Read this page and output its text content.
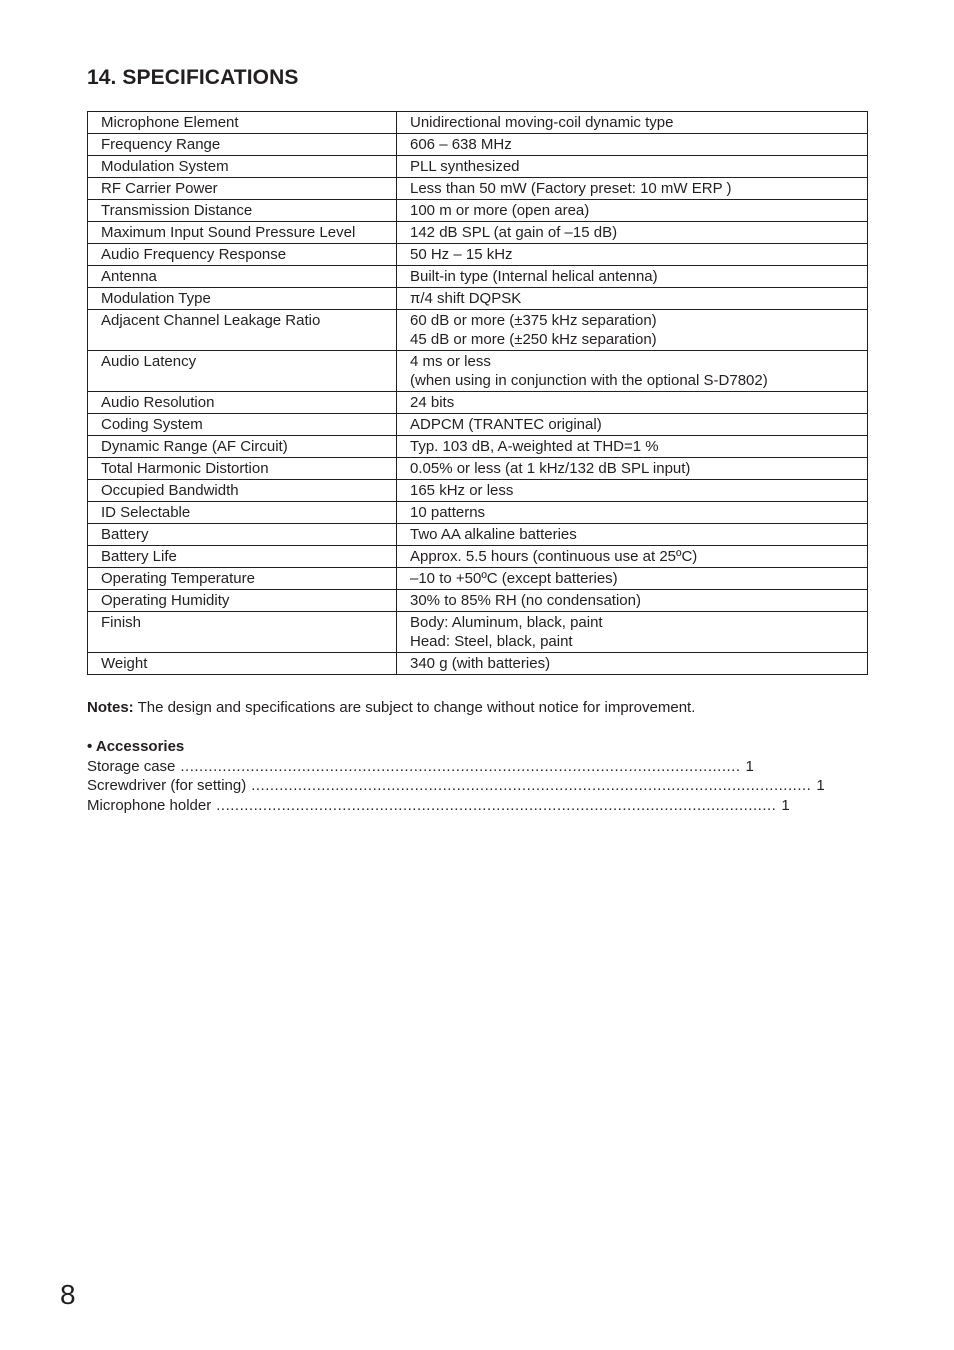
14. SPECIFICATIONS
Microphone Element	Unidirectional moving-coil dynamic type

Frequency Range	606 – 638 MHz

Modulation System	PLL synthesized

RF Carrier Power	Less than 50 mW (Factory preset: 10 mW ERP )

Transmission Distance	100 m or more (open area)

Maximum Input Sound Pressure Level	142 dB SPL (at gain of –15 dB)

Audio Frequency Response	50 Hz – 15 kHz

Antenna	Built-in type (Internal helical antenna)

Modulation Type	π/4 shift DQPSK

Adjacent Channel Leakage Ratio	60 dB or more (±375 kHz separation)
45 dB or more (±250 kHz separation)

Audio Latency	4 ms or less
(when using in conjunction with the optional S-D7802)

Audio Resolution	24 bits

Coding System	ADPCM (TRANTEC original)

Dynamic Range (AF Circuit)	Typ. 103 dB, A-weighted at THD=1 %

Total Harmonic Distortion	0.05% or less (at 1 kHz/132 dB SPL input)

Occupied Bandwidth	165 kHz or less

ID Selectable	10 patterns

Battery	Two AA alkaline batteries

Battery Life	Approx. 5.5 hours (continuous use at 25ºC)

Operating Temperature	–10 to +50ºC (except batteries)

Operating Humidity	30% to 85% RH (no condensation)

Finish	Body: Aluminum, black, paint
Head: Steel, black, paint

Weight	340 g (with batteries)

Notes: The design and specifications are subject to change without notice for improvement.

• Accessories
Storage case ........................................................................................................................ 1
Screwdriver (for setting) ........................................................................................................................ 1
Microphone holder ........................................................................................................................ 1
8
